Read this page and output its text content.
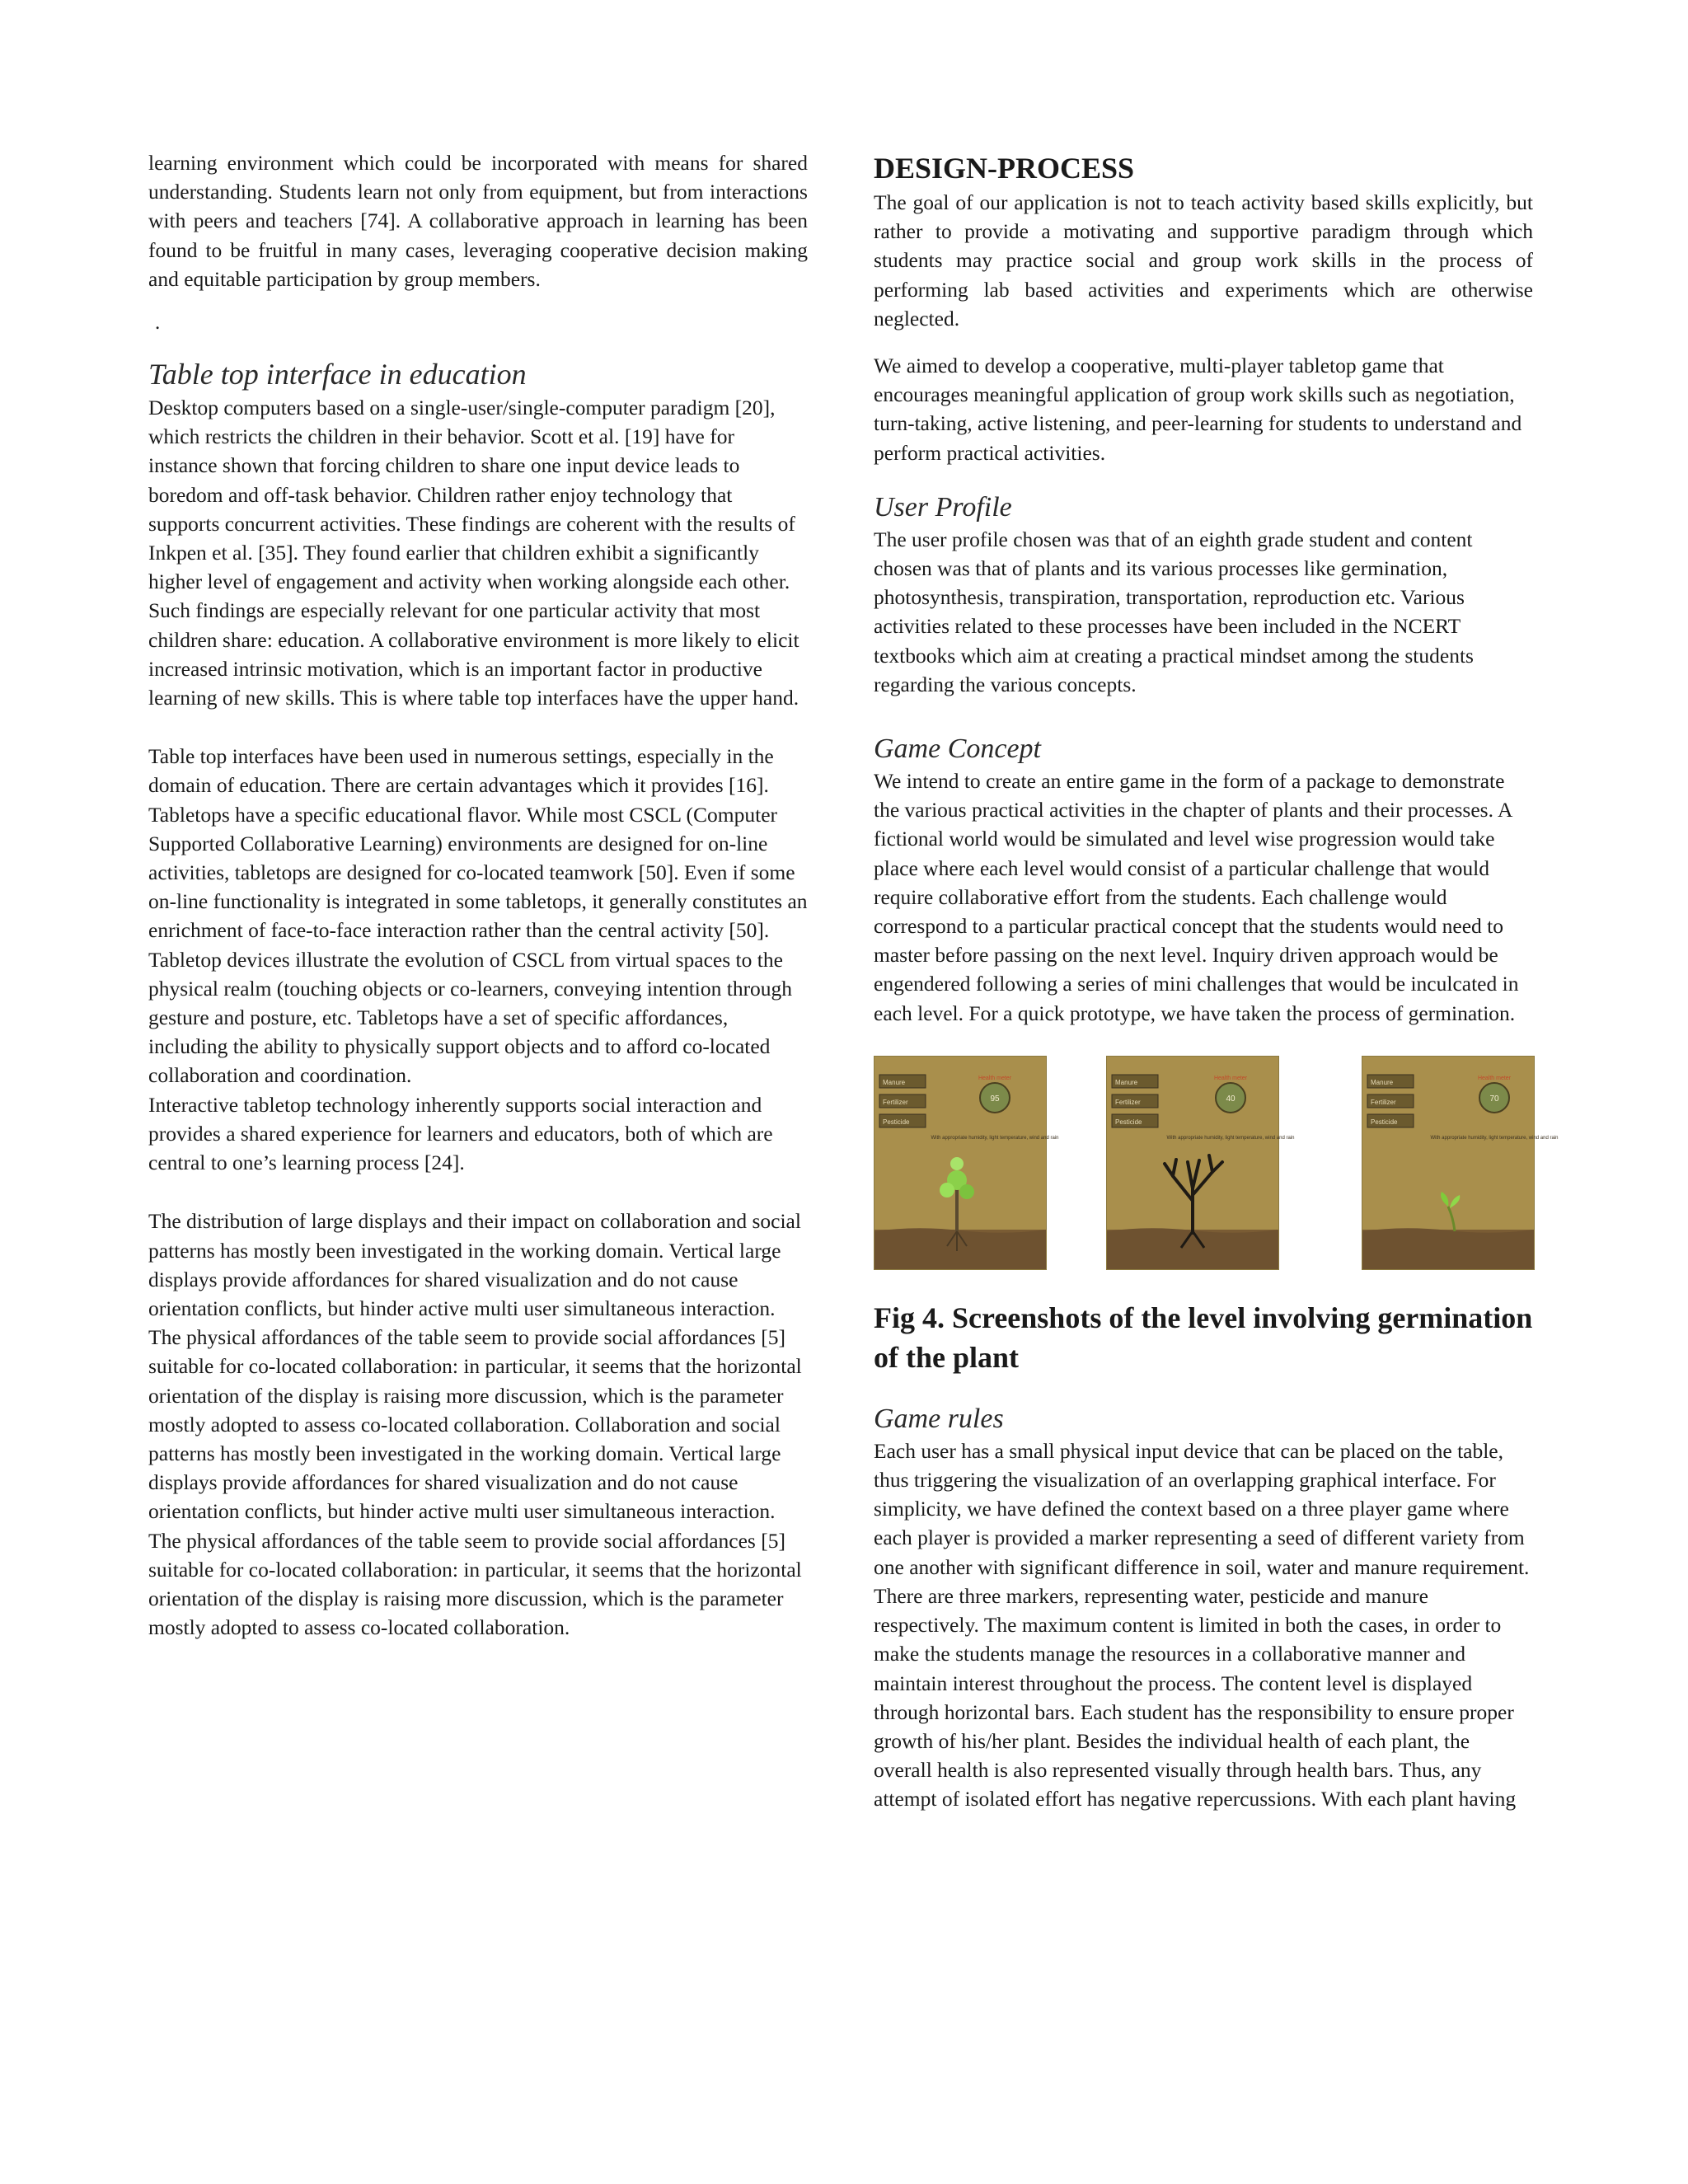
learning environment which could be incorporated with means for shared understanding. Students learn not only from equipment, but from interactions with peers and teachers [74]. A collaborative approach in learning has been found to be fruitful in many cases, leveraging cooperative decision making and equitable participation by group members.

.

Table top interface in education

Desktop computers based on a single-user/single-computer paradigm [20], which restricts the children in their behavior. Scott et al. [19] have for instance shown that forcing children to share one input device leads to boredom and off-task behavior. Children rather enjoy technology that supports concurrent activities. These findings are coherent with the results of Inkpen et al. [35]. They found earlier that children exhibit a significantly higher level of engagement and activity when working alongside each other. Such findings are especially relevant for one particular activity that most children share: education. A collaborative environment is more likely to elicit increased intrinsic motivation, which is an important factor in productive learning of new skills. This is where table top interfaces have the upper hand.

Table top interfaces have been used in numerous settings, especially in the domain of education. There are certain advantages which it provides [16]. Tabletops have a specific educational flavor. While most CSCL (Computer Supported Collaborative Learning) environments are designed for on-line activities, tabletops are designed for co-located teamwork [50]. Even if some on-line functionality is integrated in some tabletops, it generally constitutes an enrichment of face-to-face interaction rather than the central activity [50]. Tabletop devices illustrate the evolution of CSCL from virtual spaces to the physical realm (touching objects or co-learners, conveying intention through gesture and posture, etc. Tabletops have a set of specific affordances, including the ability to physically support objects and to afford co-located collaboration and coordination.

Interactive tabletop technology inherently supports social interaction and provides a shared experience for learners and educators, both of which are central to one’s learning process [24].

The distribution of large displays and their impact on collaboration and social patterns has mostly been investigated in the working domain. Vertical large displays provide affordances for shared visualization and do not cause orientation conflicts, but hinder active multi user simultaneous interaction. The physical affordances of the table seem to provide social affordances [5] suitable for co-located collaboration: in particular, it seems that the horizontal orientation of the display is raising more discussion, which is the parameter mostly adopted to assess co-located collaboration. Collaboration and social patterns has mostly been investigated in the working domain. Vertical large displays provide affordances for shared visualization and do not cause orientation conflicts, but hinder active multi user simultaneous interaction. The physical affordances of the table seem to provide social affordances [5] suitable for co-located collaboration: in particular, it seems that the horizontal orientation of the display is raising more discussion, which is the parameter mostly adopted to assess co-located collaboration.

DESIGN-PROCESS

The goal of our application is not to teach activity based skills explicitly, but rather to provide a motivating and supportive paradigm through which students may practice social and group work skills in the process of performing lab based activities and experiments which are otherwise neglected.

We aimed to develop a cooperative, multi-player tabletop game that encourages meaningful application of group work skills such as negotiation, turn-taking, active listening, and peer-learning for students to understand and perform practical activities.

User Profile

The user profile chosen was that of an eighth grade student and content chosen was that of plants and its various processes like germination, photosynthesis, transpiration, transportation, reproduction etc. Various activities related to these processes have been included in the NCERT textbooks which aim at creating a practical mindset among the students regarding the various concepts.

Game Concept

We intend to create an entire game in the form of a package to demonstrate the various practical activities in the chapter of plants and their processes. A fictional world would be simulated and level wise progression would take place where each level would consist of a particular challenge that would require collaborative effort from the students. Each challenge would correspond to a particular practical concept that the students would need to master before passing on the next level. Inquiry driven approach would be engendered following a series of mini challenges that would be inculcated in each level. For a quick prototype, we have taken the process of germination.

Manure
Fertilizer
Pesticide
Health meter
95
With appropriate humidity, light temperature, wind and rain
Manure
Fertilizer
Pesticide
Health meter
40
With appropriate humidity, light temperature, wind and rain
Manure
Fertilizer
Pesticide
Health meter
70
With appropriate humidity, light temperature, wind and rain
Fig 4. Screenshots of the level involving germination of the plant
Game rules

Each user has a small physical input device that can be placed on the table, thus triggering the visualization of an overlapping graphical interface. For simplicity, we have defined the context based on a three player game where each player is provided a marker representing a seed of different variety from one another with significant difference in soil, water and manure requirement. There are three markers, representing water, pesticide and manure respectively. The maximum content is limited in both the cases, in order to make the students manage the resources in a collaborative manner and maintain interest throughout the process. The content level is displayed through horizontal bars. Each student has the responsibility to ensure proper growth of his/her plant. Besides the individual health of each plant, the overall health is also represented visually through health bars. Thus, any attempt of isolated effort has negative repercussions. With each plant having
